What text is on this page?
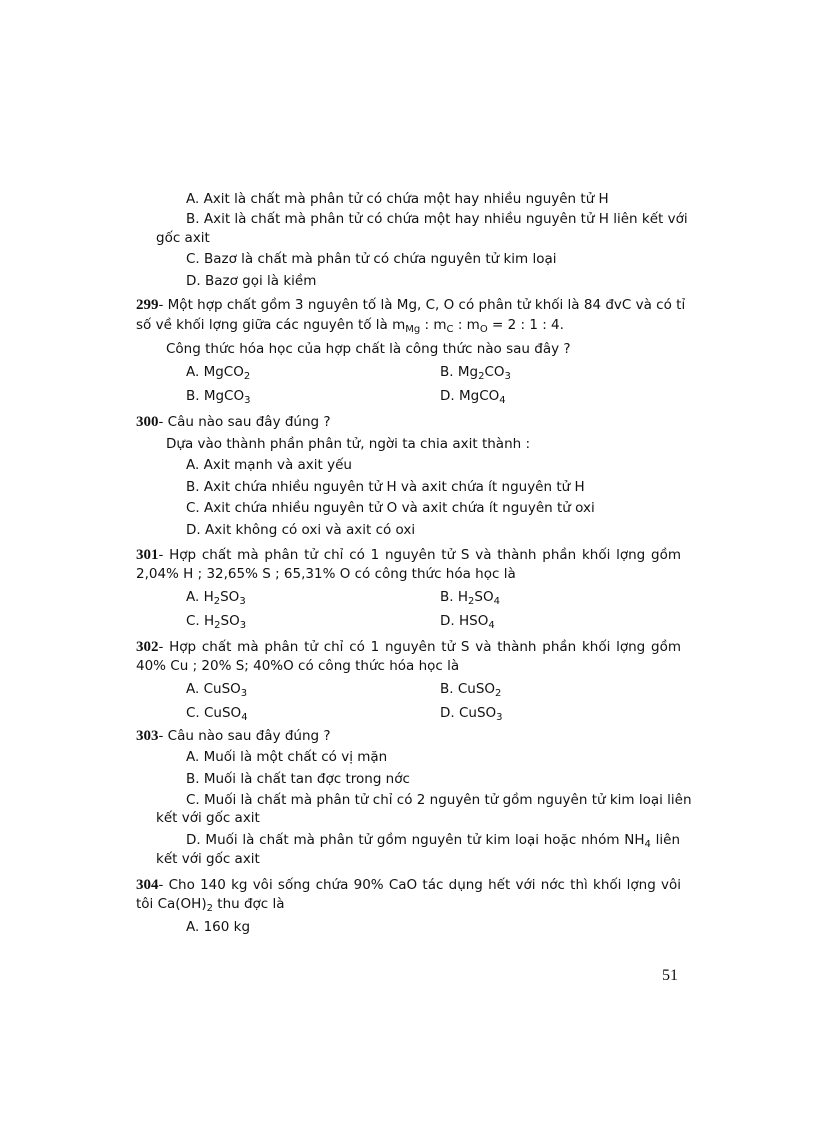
A. Axit là chất mà phân tử có chứa một hay nhiều nguyên tử H
B. Axit là chất mà phân tử có chứa một hay nhiều nguyên tử H liên kết với
gốc axit
C. Bazơ là chất mà phân tử có chứa nguyên tử kim loại
D. Bazơ gọi là kiềm
299- Một hợp chất gồm 3 nguyên tố là Mg, C, O có phân tử khối là 84 đvC và có tỉ
số về khối lợng giữa các nguyên tố là $m_{Mg}$ : $m_C$ : $m_O = 2$ : 1 : 4.
Công thức hóa học của hợp chất là công thức nào sau đây ?
A. MgCO$_2$	B. $Mg_2CO_3$
B. MgCO$_3$	D. MgCO$_4$
300- Câu nào sau đây đúng ?
Dựa vào thành phần phân tử, ngời ta chia axit thành :
A. Axit mạnh và axit yếu
B. Axit chứa nhiều nguyên tử H và axit chứa ít nguyên tử H
C. Axit chứa nhiều nguyên tử O và axit chứa ít nguyên tử oxi
D. Axit không có oxi và axit có oxi
301- Hợp chất mà phân tử chỉ có 1 nguyên tử S và thành phần khối lợng gồm
2,04% H ; 32,65% S ; 65,31% O có công thức hóa học là
A. $H_2SO_3$	B. $H_2SO_4$
C. $H_2SO_3$	D. $HSO_4$
302- Hợp chất mà phân tử chỉ có 1 nguyên tử S và thành phần khối lợng gồm
40% Cu ; 20% S; 40%O có công thức hóa học là
A. CuSO$_3$	B. CuSO$_2$
C. CuSO$_4$	D. CuSO$_3$
303- Câu nào sau đây đúng ?
A. Muối là một chất có vị mặn
B. Muối là chất tan đợc trong nớc
C. Muối là chất mà phân tử chỉ có 2 nguyên tử gồm nguyên tử kim loại liên
kết với gốc axit
D. Muối là chất mà phân tử gồm nguyên tử kim loại hoặc nhóm $NH_4$ liên
kết với gốc axit
304- Cho 140 kg vôi sống chứa 90% CaO tác dụng hết với nớc thì khối lợng vôi
tôi $Ca(OH)_2$ thu đợc là
A. 160 kg
51
